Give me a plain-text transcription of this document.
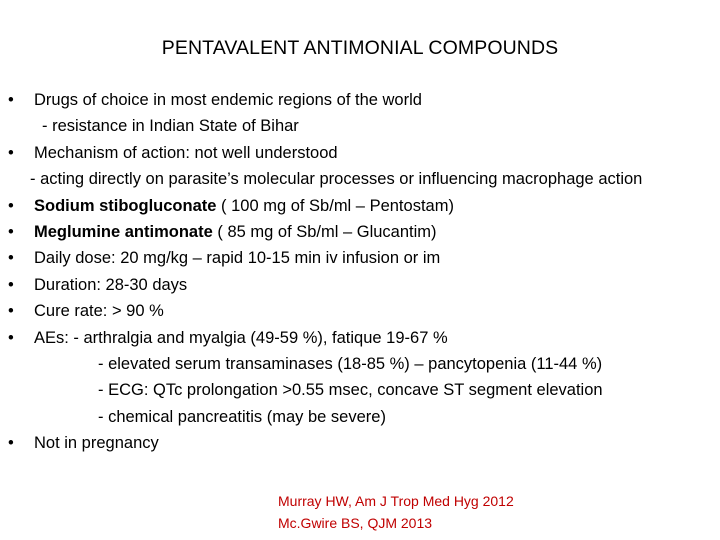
PENTAVALENT ANTIMONIAL COMPOUNDS
•	Drugs of choice in most endemic regions of the world
- resistance in Indian State of Bihar
•	Mechanism of action: not well understood
- acting directly on parasite’s molecular processes or influencing macrophage action
•	Sodium stibogluconate ( 100 mg of Sb/ml – Pentostam)
•	Meglumine antimonate ( 85 mg of Sb/ml – Glucantim)
•	Daily dose: 20 mg/kg – rapid 10-15 min iv infusion or im
•	Duration: 28-30 days
•	Cure rate: > 90 %
•	AEs: - arthralgia and myalgia (49-59 %), fatique 19-67 %
- elevated serum transaminases (18-85 %) – pancytopenia (11-44 %)
- ECG: QTc prolongation >0.55 msec, concave ST segment elevation
- chemical pancreatitis (may be severe)
•	Not in pregnancy
Murray HW, Am J Trop Med Hyg 2012
Mc.Gwire BS, QJM 2013
